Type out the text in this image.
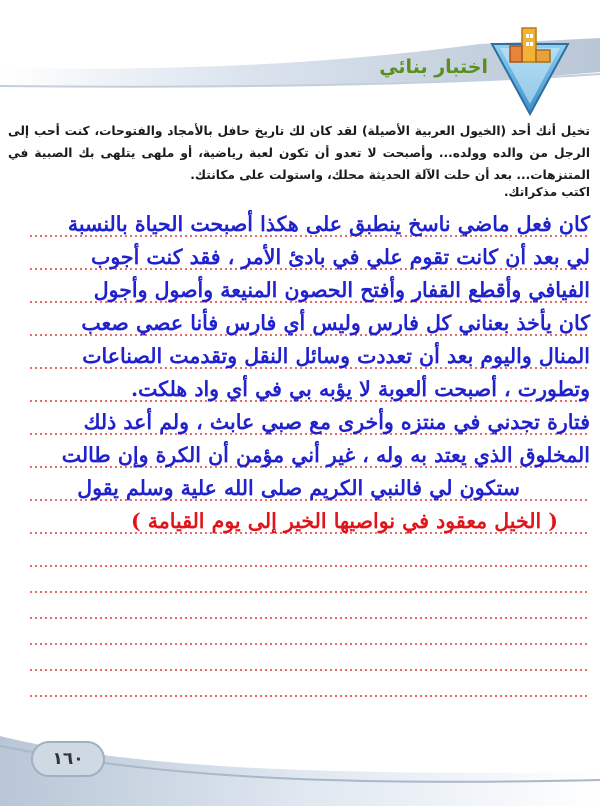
اختبار بنائي
تخيل أنك أحد (الخيول العربية الأصيلة) لقد كان لك تاريخ حافل بالأمجاد والفتوحات، كنت أحب إلى الرجل من والده وولده... وأصبحت لا تعدو أن تكون لعبة رياضية، أو ملهى يتلهى بك الصبية في المتنزهات... بعد أن حلت الآلة الحديثة محلك، واستولت على مكانتك.
اكتب مذكراتك.
كان فعل ماضي ناسخ ينطبق على هكذا أصبحت الحياة بالنسبة
لي بعد أن كانت تقوم علي في بادئ الأمر ، فقد كنت أجوب
الفيافي وأقطع القفار وأفتح الحصون المنيعة وأصول وأجول
كان يأخذ بعناني كل فارس وليس أي فارس فأنا عصي صعب
المنال واليوم بعد أن تعددت وسائل النقل وتقدمت الصناعات
وتطورت ، أصبحت ألعوبة لا يؤبه بي في أي واد هلكت.
فتارة تجدني في منتزه وأخرى مع صبي عابث ، ولم أعد ذلك
المخلوق الذي يعتد به وله ، غير أني مؤمن أن الكرة وإن طالت
ستكون لي فالنبي الكريم صلى الله علية وسلم يقول
( الخيل معقود في نواصيها الخير إلى يوم القيامة )
١٦٠
